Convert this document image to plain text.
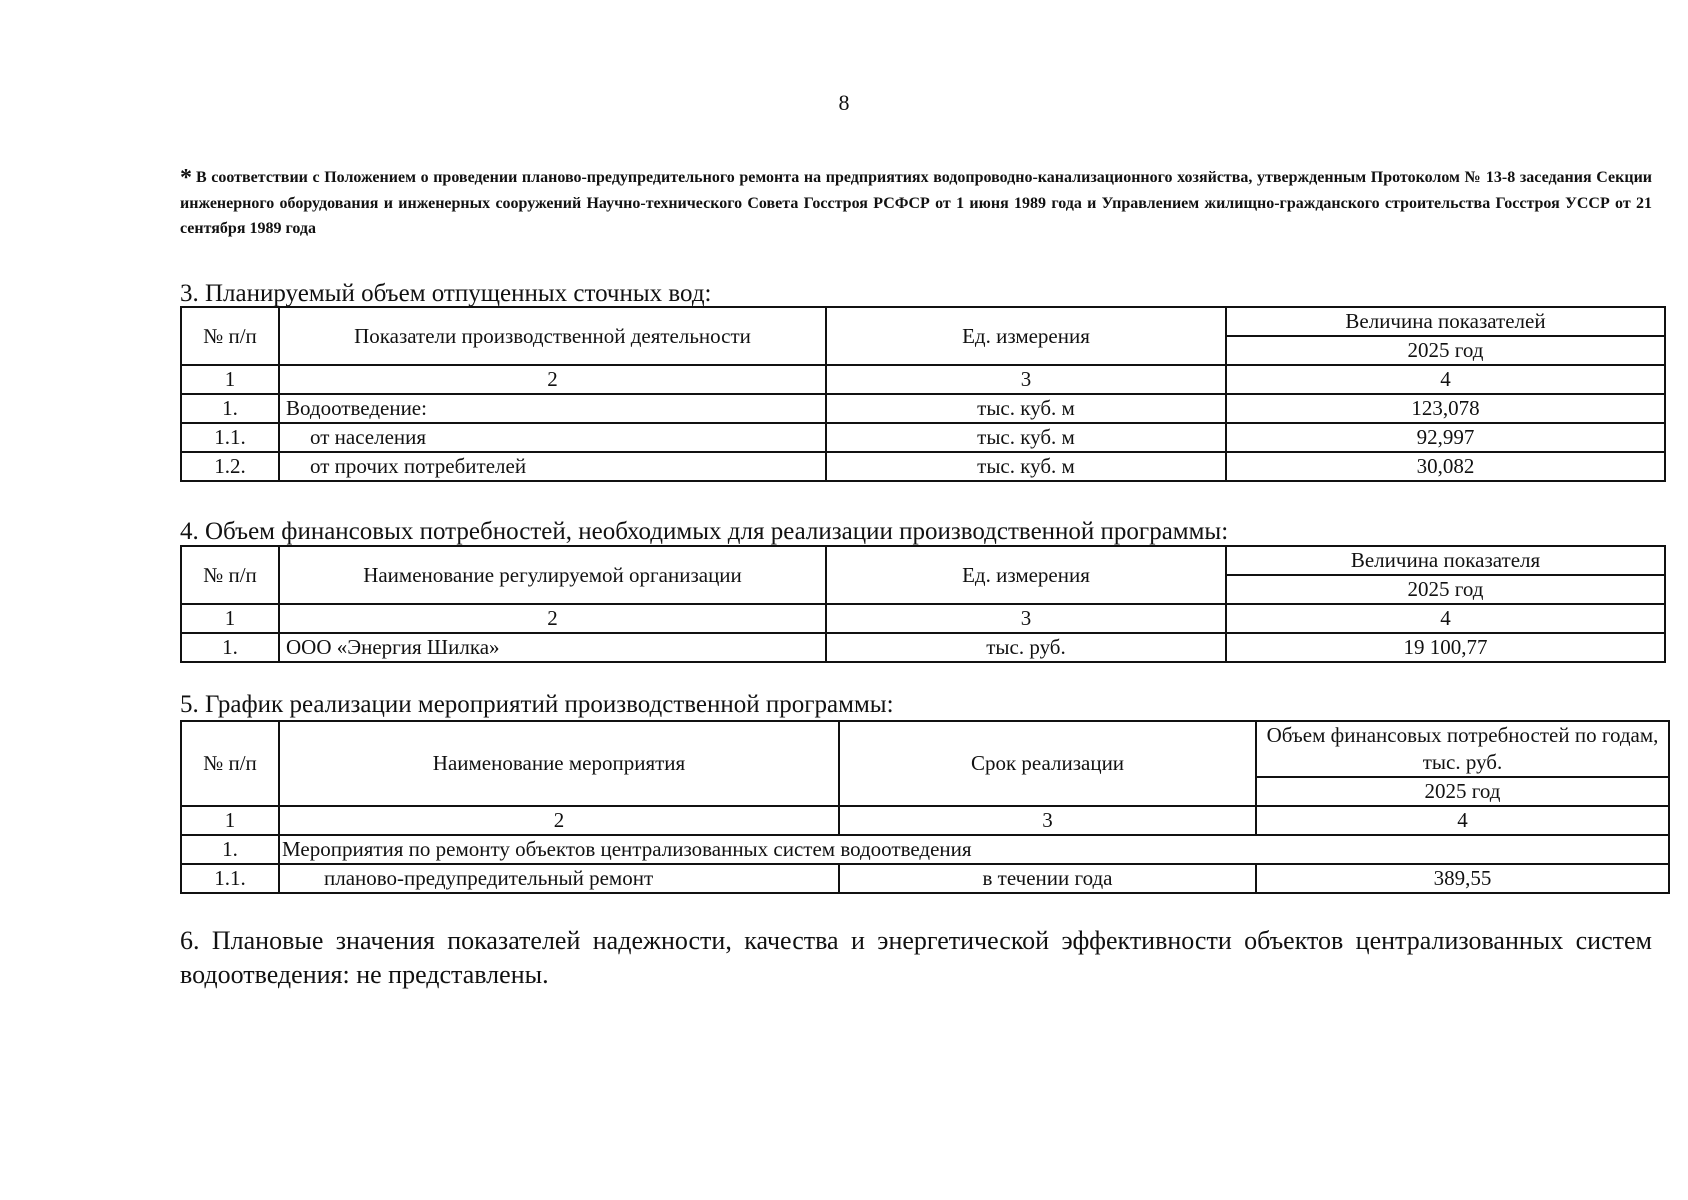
8
* В соответствии с Положением о проведении планово-предупредительного ремонта на предприятиях водопроводно-канализационного хозяйства, утвержденным Протоколом № 13-8 заседания Секции инженерного оборудования и инженерных сооружений Научно-технического Совета Госстроя РСФСР от 1 июня 1989 года и Управлением жилищно-гражданского строительства Госстроя УССР от 21 сентября 1989 года
3. Планируемый объем отпущенных сточных вод:
№ п/п	Показатели производственной деятельности	Ед. измерения	Величина показателей
			2025 год
1	2	3	4
1.	Водоотведение:	тыс. куб. м	123,078
1.1.	от населения	тыс. куб. м	92,997
1.2.	от прочих потребителей	тыс. куб. м	30,082
4. Объем финансовых потребностей, необходимых для реализации производственной программы:
№ п/п	Наименование регулируемой организации	Ед. измерения	Величина показателя
			2025 год
1	2	3	4
1.	ООО «Энергия Шилка»	тыс. руб.	19 100,77
5. График реализации мероприятий производственной программы:
№ п/п	Наименование мероприятия	Срок реализации	Объем финансовых потребностей по годам, тыс. руб.
			2025 год
1	2	3	4
1.	Мероприятия по ремонту объектов централизованных систем водоотведения		
1.1.	планово-предупредительный ремонт	в течении года	389,55
6. Плановые значения показателей надежности, качества и энергетической эффективности объектов централизованных систем водоотведения: не представлены.
